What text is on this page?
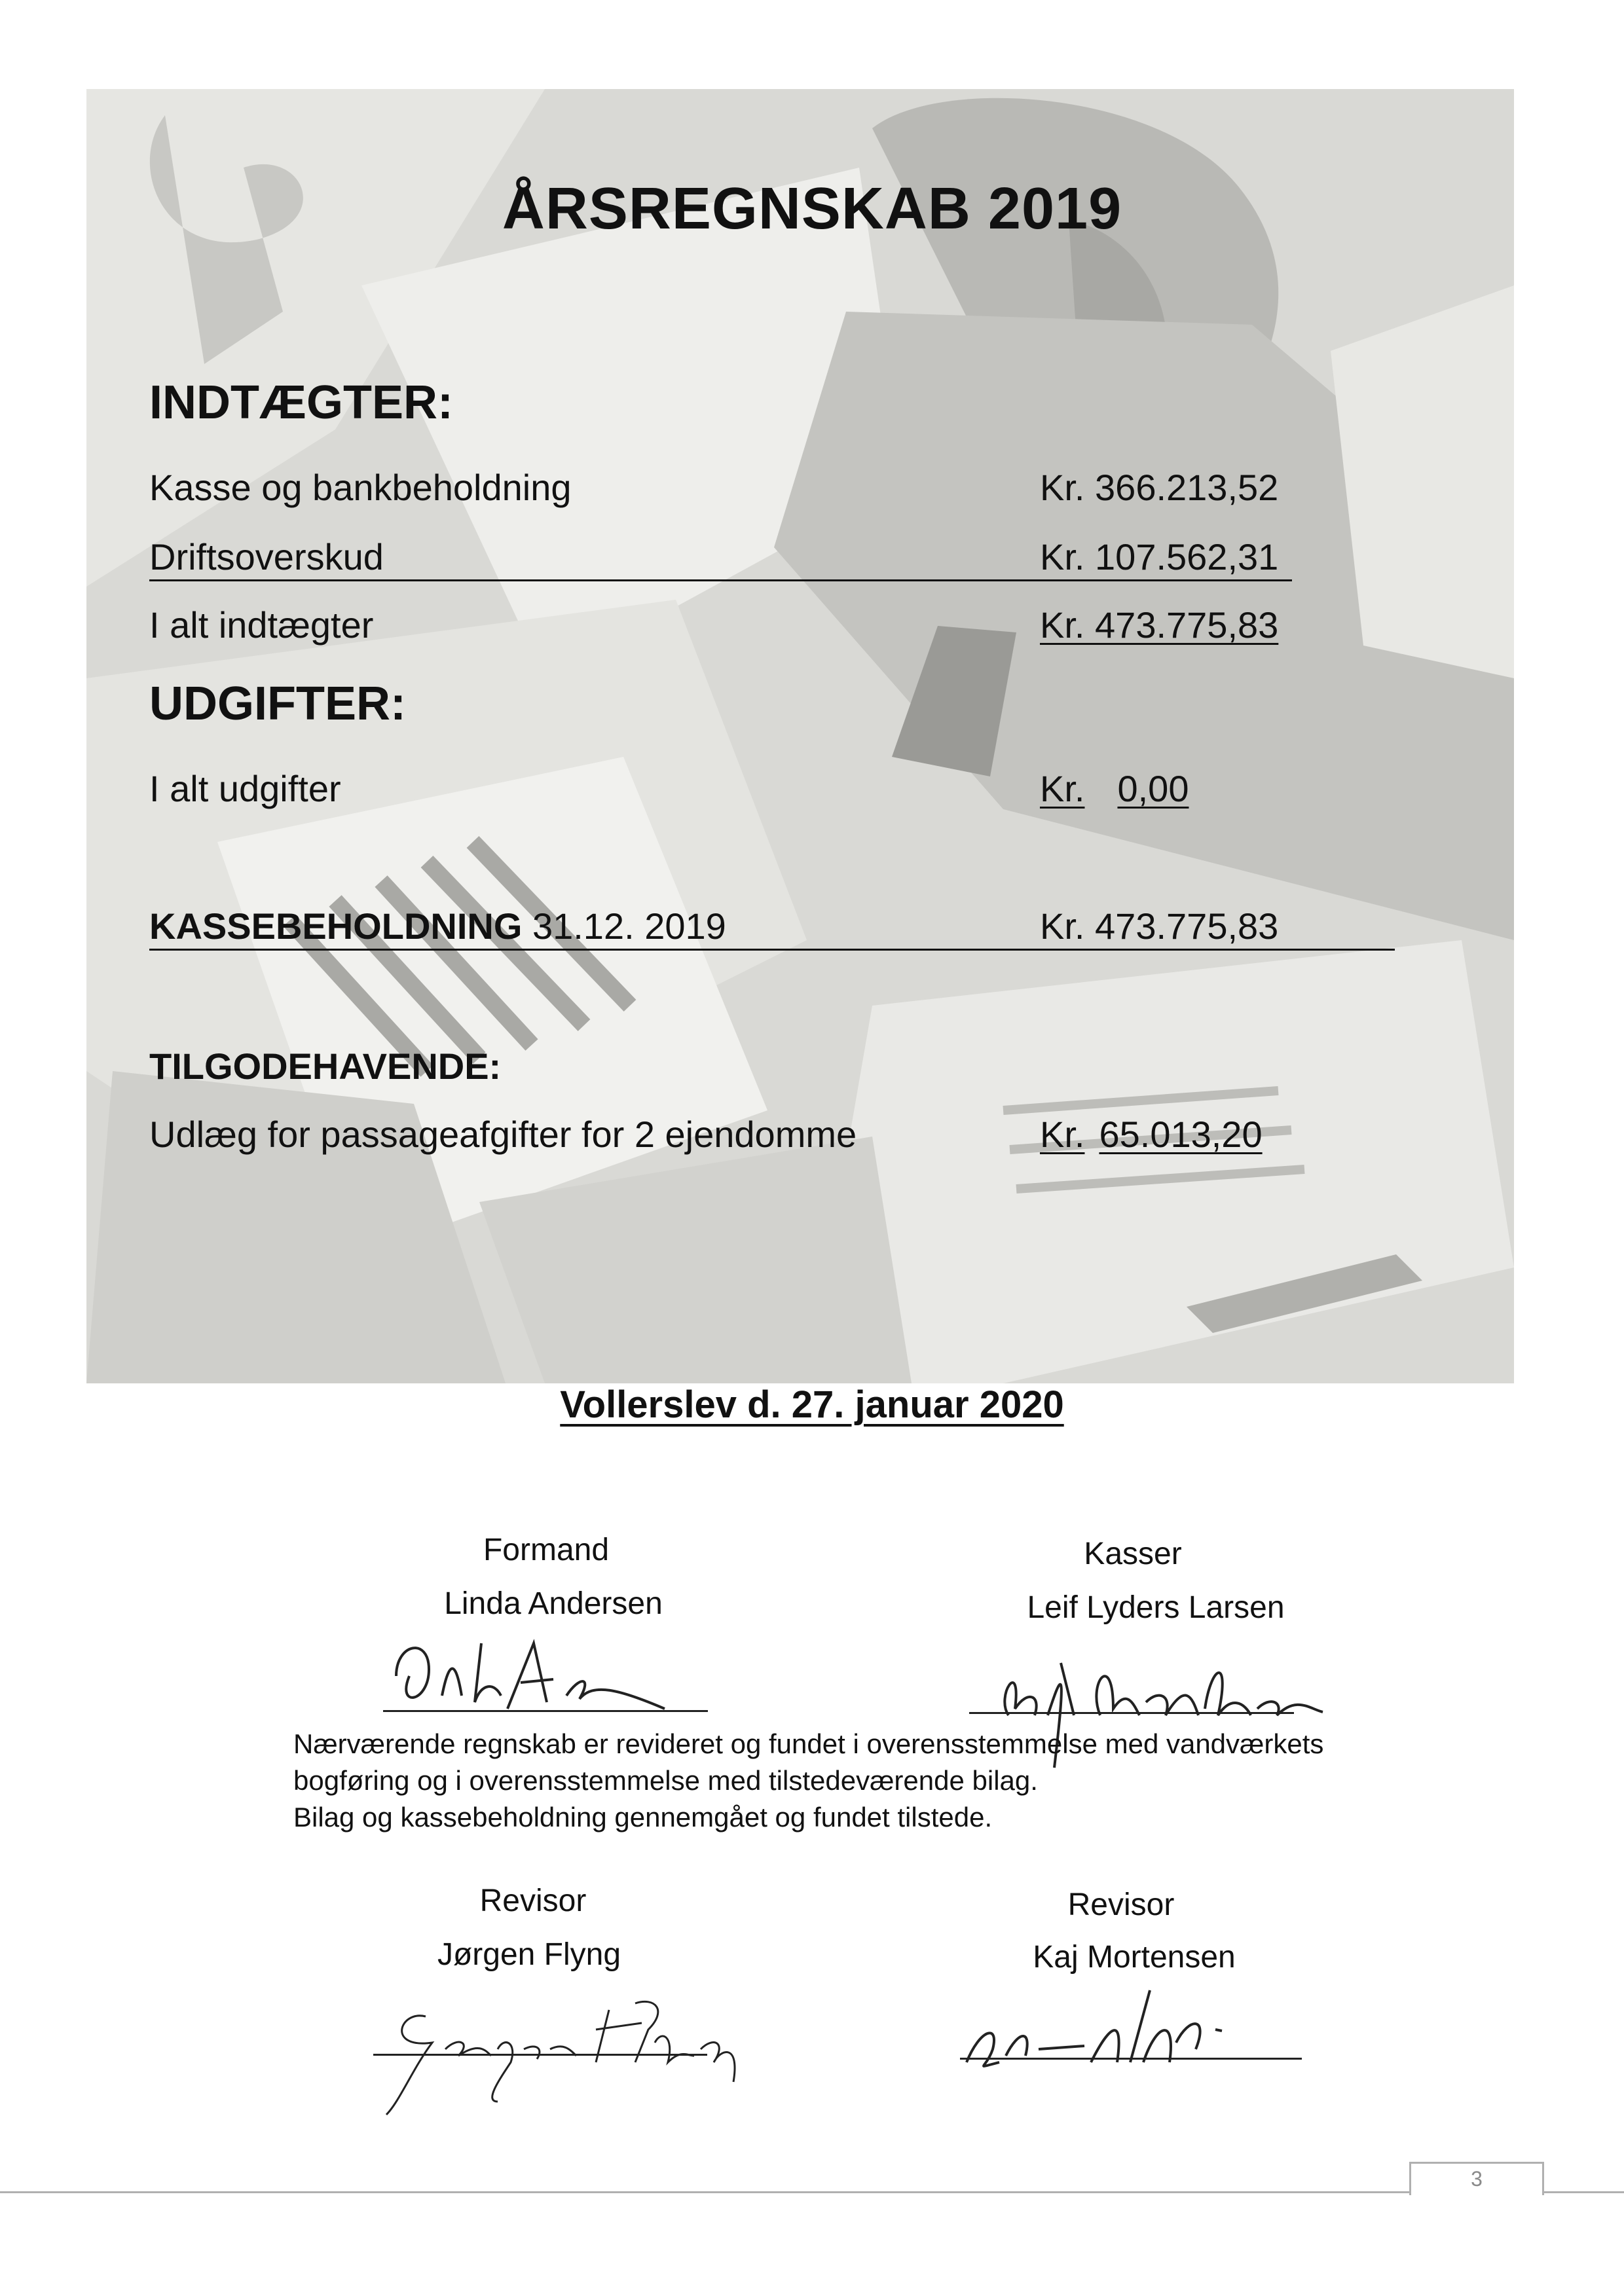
ÅRSREGNSKAB 2019
INDTÆGTER:
Kasse og bankbeholdning	Kr. 366.213,52
Driftsoverskud	Kr. 107.562,31
I alt indtægter	Kr. 473.775,83
UDGIFTER:
I alt udgifter	Kr. 0,00
KASSEBEHOLDNING 31.12. 2019	Kr. 473.775,83
TILGODEHAVENDE:
Udlæg for passageafgifter for 2 ejendomme	Kr. 65.013,20
Vollerslev d. 27. januar 2020
Formand
Linda Andersen
Kasser
Leif Lyders Larsen
Nærværende regnskab er revideret og fundet i overensstemmelse med vandværkets
bogføring og i overensstemmelse med tilstedeværende bilag.
Bilag og kassebeholdning gennemgået og fundet tilstede.
Revisor
Jørgen Flyng
Revisor
Kaj Mortensen
3
